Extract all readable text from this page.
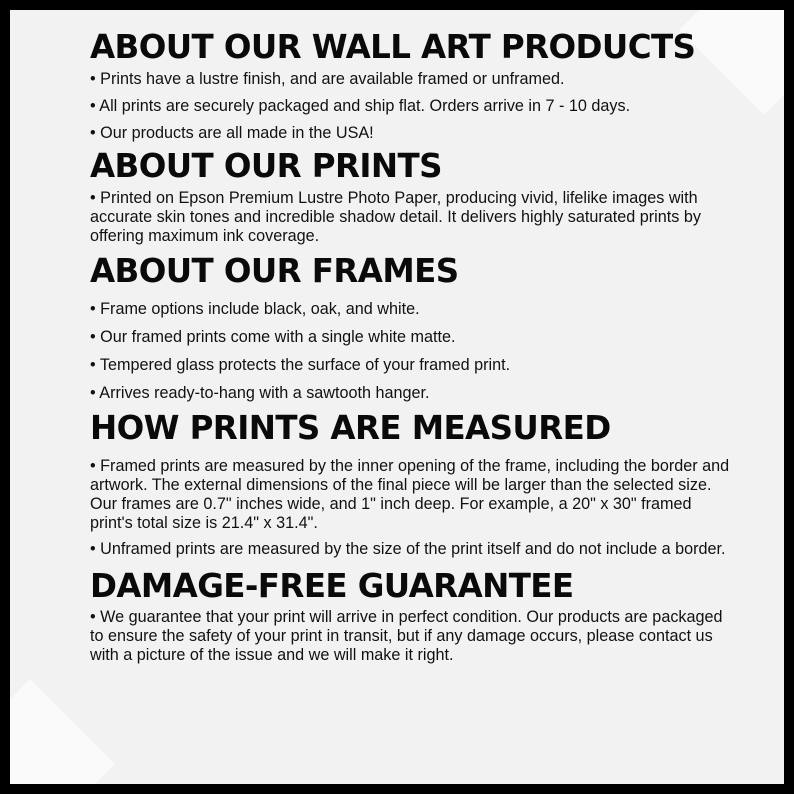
ABOUT OUR WALL ART PRODUCTS

• Prints have a lustre finish, and are available framed or unframed.

• All prints are securely packaged and ship flat. Orders arrive in 7 - 10 days.

• Our products are all made in the USA!

ABOUT OUR PRINTS

• Printed on Epson Premium Lustre Photo Paper, producing vivid, lifelike images with accurate skin tones and incredible shadow detail. It delivers highly saturated prints by offering maximum ink coverage.

ABOUT OUR FRAMES

• Frame options include black, oak, and white.

• Our framed prints come with a single white matte.

• Tempered glass protects the surface of your framed print.

• Arrives ready-to-hang with a sawtooth hanger.

HOW PRINTS ARE MEASURED

• Framed prints are measured by the inner opening of the frame, including the border and artwork. The external dimensions of the final piece will be larger than the selected size. Our frames are 0.7" inches wide, and 1" inch deep. For example, a 20" x 30" framed print's total size is 21.4" x 31.4".

• Unframed prints are measured by the size of the print itself and do not include a border.

DAMAGE-FREE GUARANTEE

• We guarantee that your print will arrive in perfect condition. Our products are packaged to ensure the safety of your print in transit, but if any damage occurs, please contact us with a picture of the issue and we will make it right.
